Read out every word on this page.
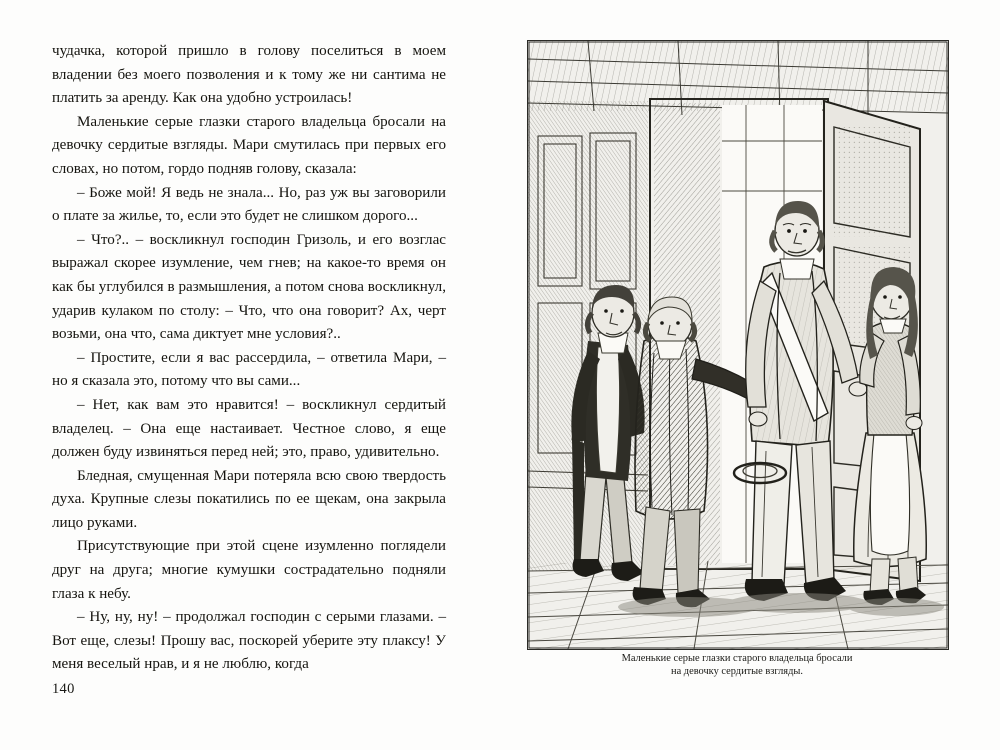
чудачка, которой пришло в голову поселиться в моем владении без моего позволения и к тому же ни сантима не платить за аренду. Как она удобно устроилась!

Маленькие серые глазки старого владельца бросали на девочку сердитые взгляды. Мари смутилась при первых его словах, но потом, гордо подняв голову, сказала:

– Боже мой! Я ведь не знала... Но, раз уж вы заговорили о плате за жилье, то, если это будет не слишком дорого...

– Что?.. – воскликнул господин Гризоль, и его возглас выражал скорее изумление, чем гнев; на какое-то время он как бы углубился в размышления, а потом снова воскликнул, ударив кулаком по столу: – Что, что она говорит? Ах, черт возьми, она что, сама диктует мне условия?..

– Простите, если я вас рассердила, – ответила Мари, – но я сказала это, потому что вы сами...

– Нет, как вам это нравится! – воскликнул сердитый владелец. – Она еще настаивает. Честное слово, я еще должен буду извиняться перед ней; это, право, удивительно.

Бледная, смущенная Мари потеряла всю свою твердость духа. Крупные слезы покатились по ее щекам, она закрыла лицо руками.

Присутствующие при этой сцене изумленно поглядели друг на друга; многие кумушки сострадательно подняли глаза к небу.

– Ну, ну, ну! – продолжал господин с серыми глазами. – Вот еще, слезы! Прошу вас, поскорей уберите эту плаксу! У меня веселый нрав, и я не люблю, когда

140
Маленькие серые глазки старого владельца бросали
на девочку сердитые взгляды.
